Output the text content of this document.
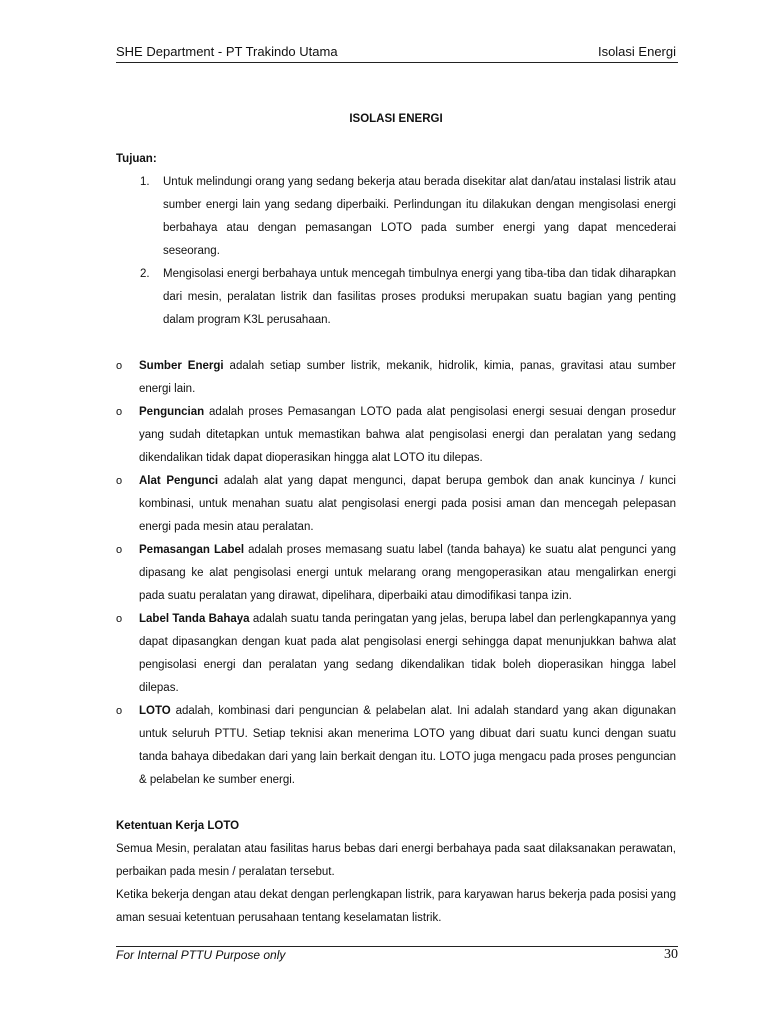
SHE Department - PT Trakindo Utama	Isolasi Energi
ISOLASI ENERGI
Tujuan:
1. Untuk melindungi orang yang sedang bekerja atau berada disekitar alat dan/atau instalasi listrik atau sumber energi lain yang sedang diperbaiki. Perlindungan itu dilakukan dengan mengisolasi energi berbahaya atau dengan pemasangan LOTO pada sumber energi yang dapat mencederai seseorang.
2. Mengisolasi energi berbahaya untuk mencegah timbulnya energi yang tiba-tiba dan tidak diharapkan dari mesin, peralatan listrik dan fasilitas proses produksi merupakan suatu bagian yang penting dalam program K3L perusahaan.
o Sumber Energi adalah setiap sumber listrik, mekanik, hidrolik, kimia, panas, gravitasi atau sumber energi lain.
o Penguncian adalah proses Pemasangan LOTO pada alat pengisolasi energi sesuai dengan prosedur yang sudah ditetapkan untuk memastikan bahwa alat pengisolasi energi dan peralatan yang sedang dikendalikan tidak dapat dioperasikan hingga alat LOTO itu dilepas.
o Alat Pengunci adalah alat yang dapat mengunci, dapat berupa gembok dan anak kuncinya / kunci kombinasi, untuk menahan suatu alat pengisolasi energi pada posisi aman dan mencegah pelepasan energi pada mesin atau peralatan.
o Pemasangan Label adalah proses memasang suatu label (tanda bahaya) ke suatu alat pengunci yang dipasang ke alat pengisolasi energi untuk melarang orang mengoperasikan atau mengalirkan energi pada suatu peralatan yang dirawat, dipelihara, diperbaiki atau dimodifikasi tanpa izin.
o Label Tanda Bahaya adalah suatu tanda peringatan yang jelas, berupa label dan perlengkapannya yang dapat dipasangkan dengan kuat pada alat pengisolasi energi sehingga dapat menunjukkan bahwa alat pengisolasi energi dan peralatan yang sedang dikendalikan tidak boleh dioperasikan hingga label dilepas.
o LOTO adalah, kombinasi dari penguncian & pelabelan alat. Ini adalah standard yang akan digunakan untuk seluruh PTTU. Setiap teknisi akan menerima LOTO yang dibuat dari suatu kunci dengan suatu tanda bahaya dibedakan dari yang lain berkait dengan itu. LOTO juga mengacu pada proses penguncian & pelabelan ke sumber energi.
Ketentuan Kerja LOTO
Semua Mesin, peralatan atau fasilitas harus bebas dari energi berbahaya pada saat dilaksanakan perawatan, perbaikan pada mesin / peralatan tersebut.
Ketika bekerja dengan atau dekat dengan perlengkapan listrik, para karyawan harus bekerja pada posisi yang aman sesuai ketentuan perusahaan tentang keselamatan listrik.
For Internal PTTU Purpose only	30
